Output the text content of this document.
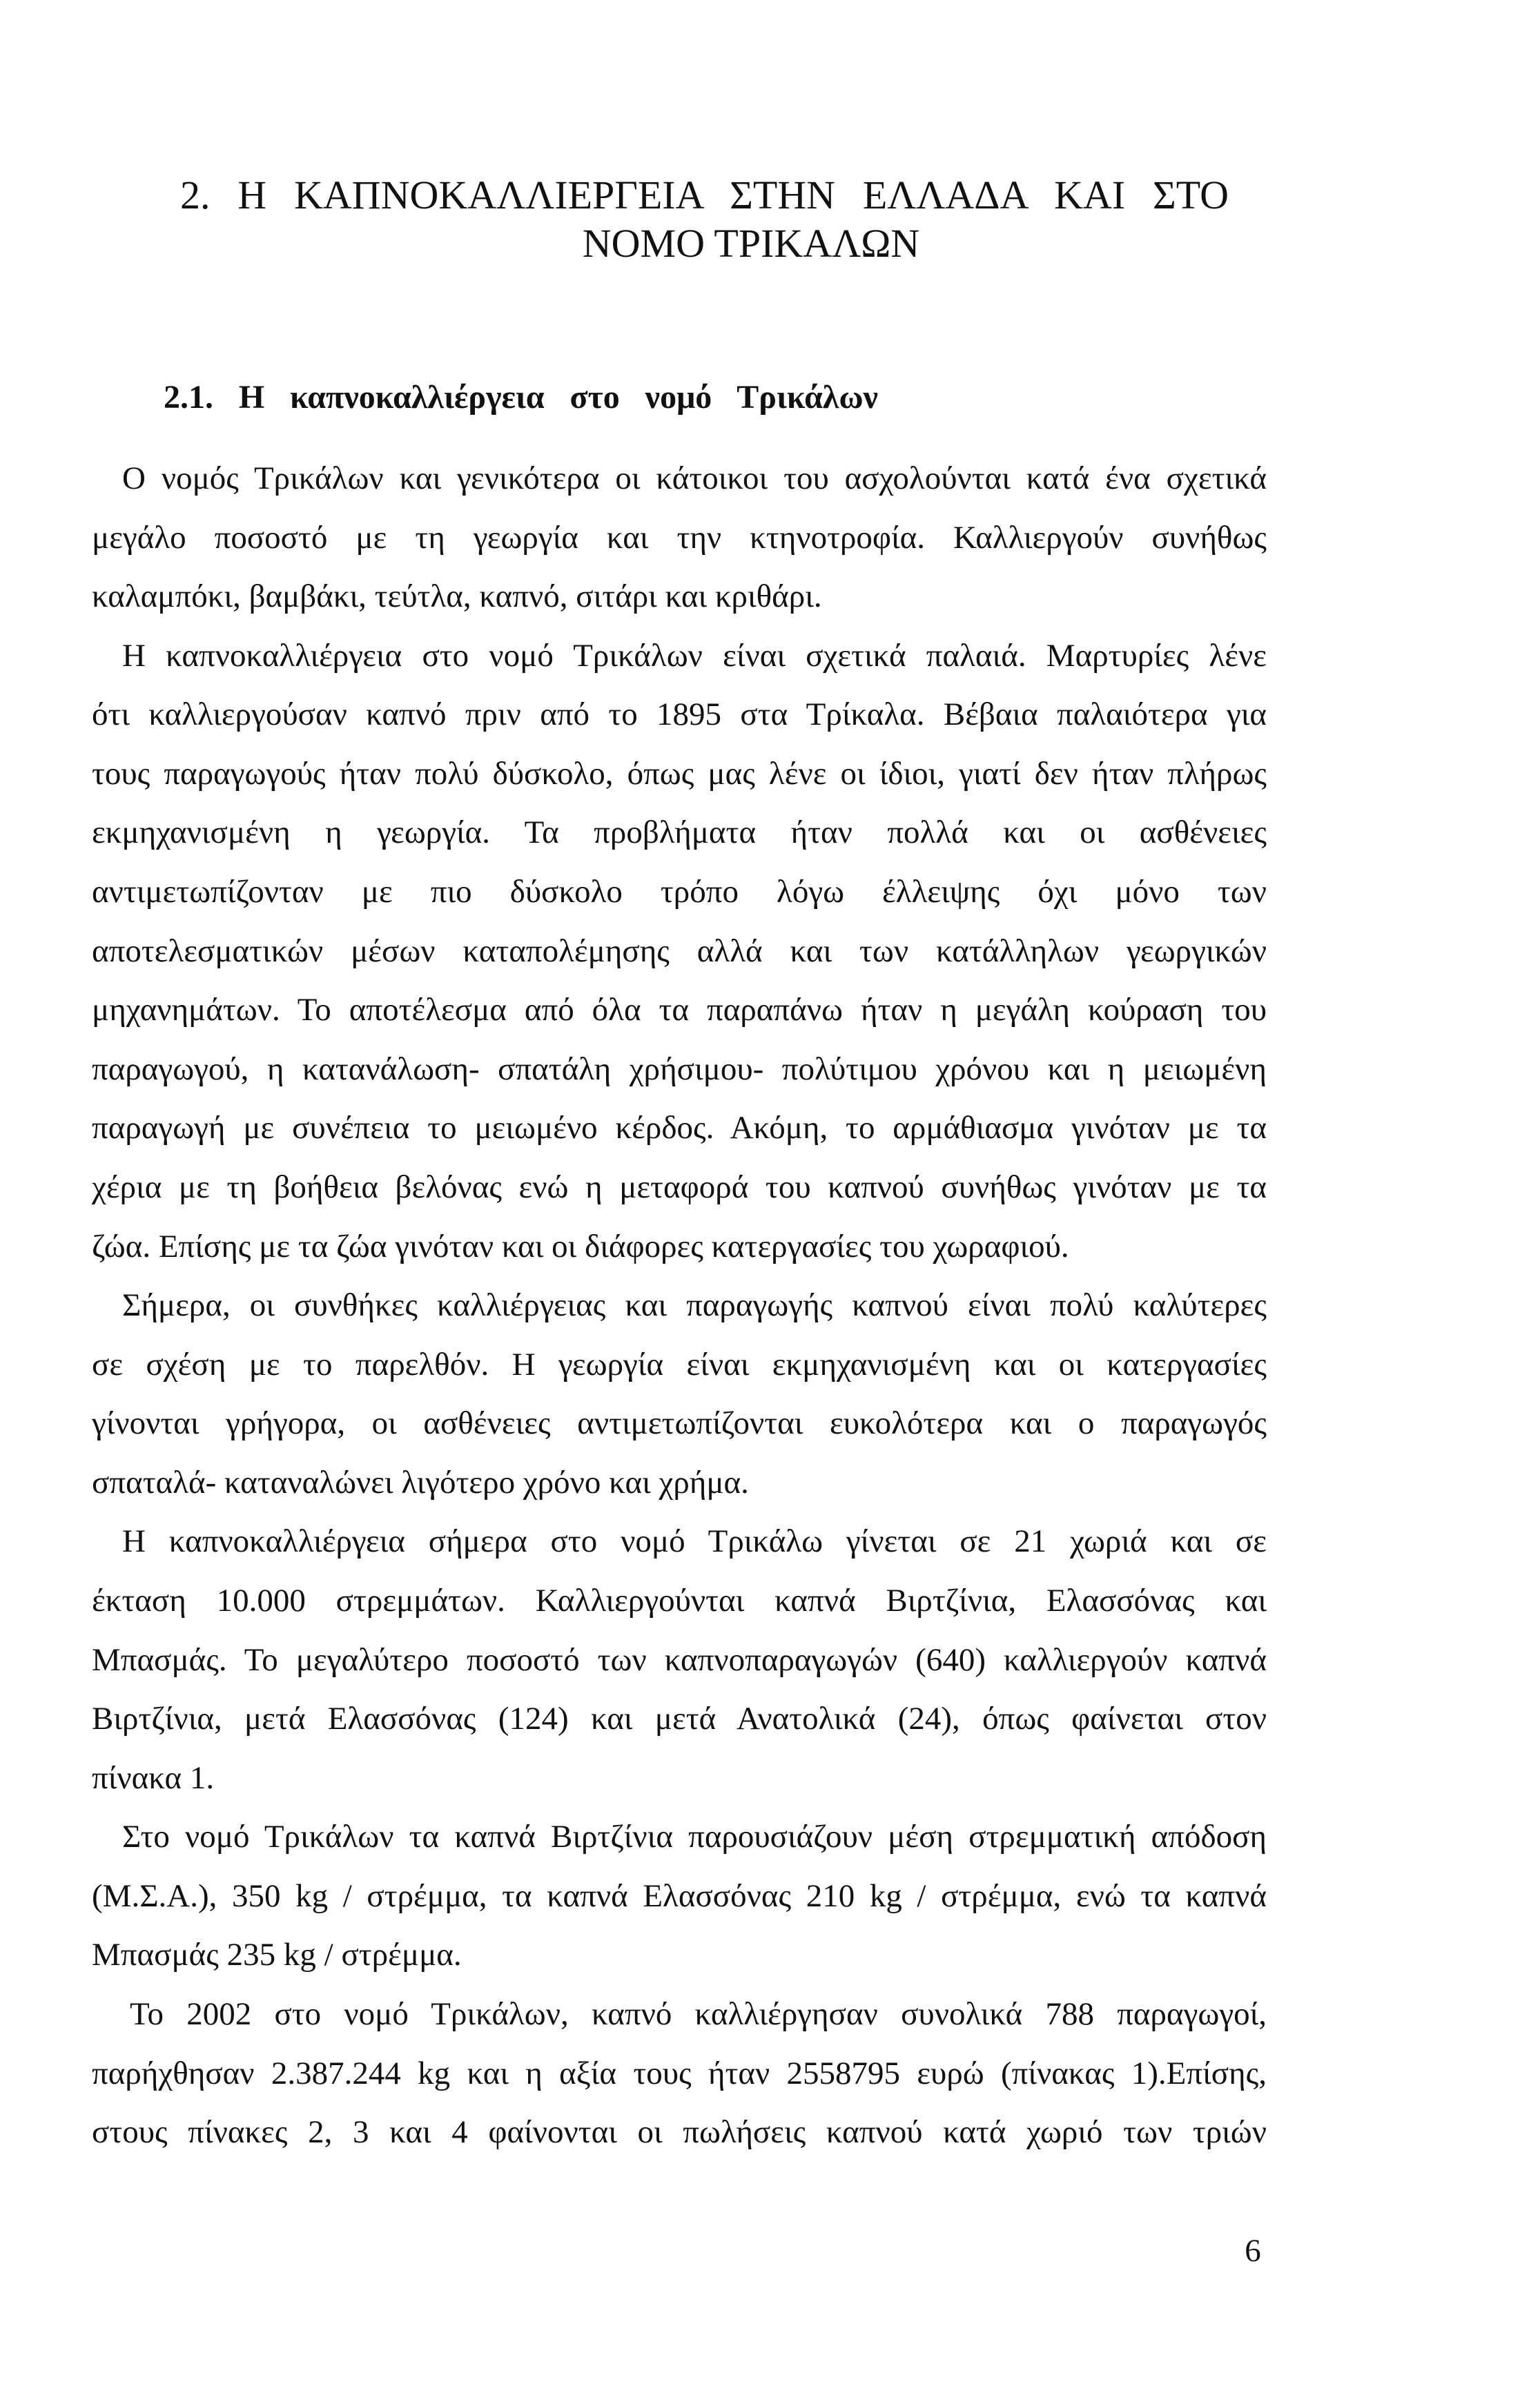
2. Η ΚΑΠΝΟΚΑΛΛΙΕΡΓΕΙΑ ΣΤΗΝ ΕΛΛΑΔΑ ΚΑΙ ΣΤΟ
ΝΟΜΟ ΤΡΙΚΑΛΩΝ
2.1. Η καπνοκαλλιέργεια στο νομό Τρικάλων
Ο νομός Τρικάλων και γενικότερα οι κάτοικοι του ασχολούνται κατά ένα σχετικά
μεγάλο ποσοστό με τη γεωργία και την κτηνοτροφία. Καλλιεργούν συνήθως
καλαμπόκι, βαμβάκι, τεύτλα, καπνό, σιτάρι και κριθάρι.
Η καπνοκαλλιέργεια στο νομό Τρικάλων είναι σχετικά παλαιά. Μαρτυρίες λένε
ότι καλλιεργούσαν καπνό πριν από το 1895 στα Τρίκαλα. Βέβαια παλαιότερα για
τους παραγωγούς ήταν πολύ δύσκολο, όπως μας λένε οι ίδιοι, γιατί δεν ήταν πλήρως
εκμηχανισμένη η γεωργία. Τα προβλήματα ήταν πολλά και οι ασθένειες
αντιμετωπίζονταν με πιο δύσκολο τρόπο λόγω έλλειψης όχι μόνο των
αποτελεσματικών μέσων καταπολέμησης αλλά και των κατάλληλων γεωργικών
μηχανημάτων. Το αποτέλεσμα από όλα τα παραπάνω ήταν η μεγάλη κούραση του
παραγωγού, η κατανάλωση- σπατάλη χρήσιμου- πολύτιμου χρόνου και η μειωμένη
παραγωγή με συνέπεια το μειωμένο κέρδος. Ακόμη, το αρμάθιασμα γινόταν με τα
χέρια με τη βοήθεια βελόνας ενώ η μεταφορά του καπνού συνήθως γινόταν με τα
ζώα. Επίσης με τα ζώα γινόταν και οι διάφορες κατεργασίες του χωραφιού.
Σήμερα, οι συνθήκες καλλιέργειας και παραγωγής καπνού είναι πολύ καλύτερες
σε σχέση με το παρελθόν. Η γεωργία είναι εκμηχανισμένη και οι κατεργασίες
γίνονται γρήγορα, οι ασθένειες αντιμετωπίζονται ευκολότερα και ο παραγωγός
σπαταλά- καταναλώνει λιγότερο χρόνο και χρήμα.
Η καπνοκαλλιέργεια σήμερα στο νομό Τρικάλω γίνεται σε 21 χωριά και σε
έκταση 10.000 στρεμμάτων. Καλλιεργούνται καπνά Βιρτζίνια, Ελασσόνας και
Μπασμάς. Το μεγαλύτερο ποσοστό των καπνοπαραγωγών (640) καλλιεργούν καπνά
Βιρτζίνια, μετά Ελασσόνας (124) και μετά Ανατολικά (24), όπως φαίνεται στον
πίνακα 1.
Στο νομό Τρικάλων τα καπνά Βιρτζίνια παρουσιάζουν μέση στρεμματική απόδοση
(Μ.Σ.Α.), 350 kg / στρέμμα, τα καπνά Ελασσόνας 210 kg / στρέμμα, ενώ τα καπνά
Μπασμάς 235 kg / στρέμμα.
Το 2002 στο νομό Τρικάλων, καπνό καλλιέργησαν συνολικά 788 παραγωγοί,
παρήχθησαν 2.387.244 kg και η αξία τους ήταν 2558795 ευρώ (πίνακας 1).Επίσης,
στους πίνακες 2, 3 και 4 φαίνονται οι πωλήσεις καπνού κατά χωριό των τριών
6
